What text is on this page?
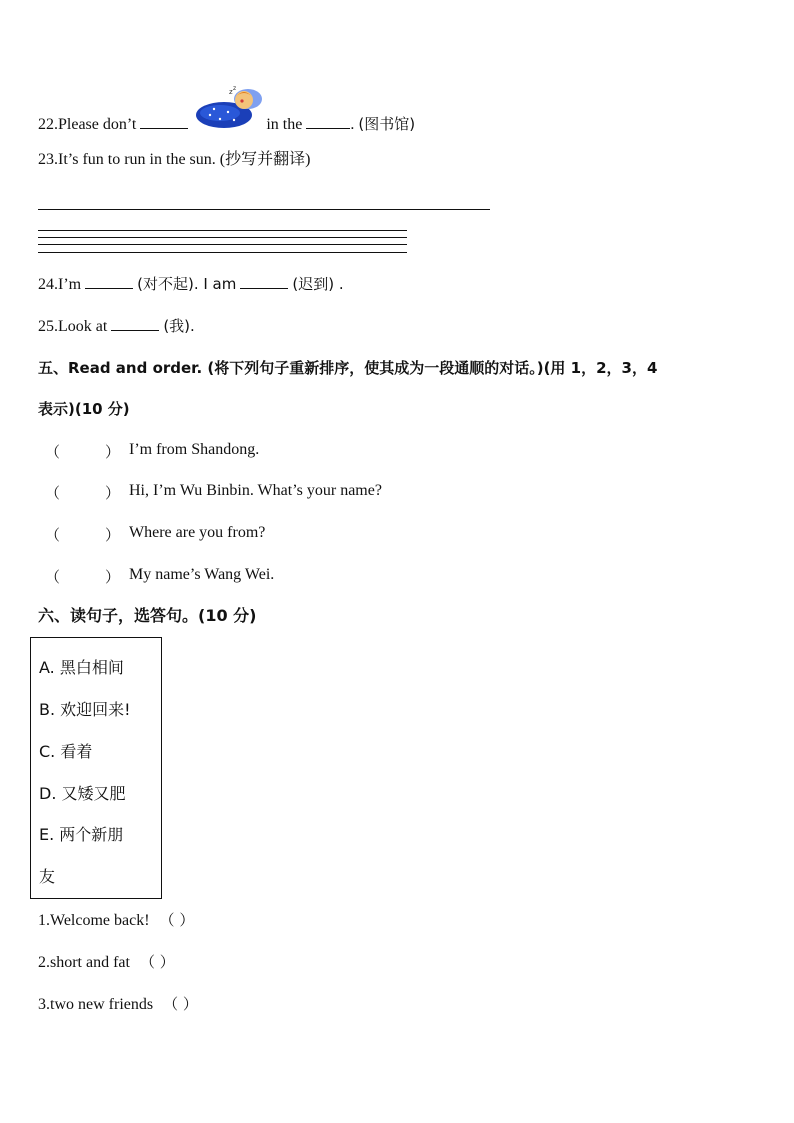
22.Please don’t
z z
in the	. (图书馆)
23.It’s fun to run in the sun. (抄写并翻译)
24.I’m	(对不起). I am	(迟到) .
25.Look at	(我).
五、Read and order. (将下列句子重新排序，使其成为一段通顺的对话。)(用 1，2，3，4
表示)(10 分)
（	） I’m from Shandong.
（	） Hi, I’m Wu Binbin. What’s your name?
（	） Where are you from?
（	） My name’s Wang Wei.
六、读句子，选答句。(10 分)
A. 黑白相间
B. 欢迎回来!
C. 看着
D. 又矮又肥
E. 两个新朋
友
1.Welcome back! （ ）
2.short and fat （ ）
3.two new friends （ ）
